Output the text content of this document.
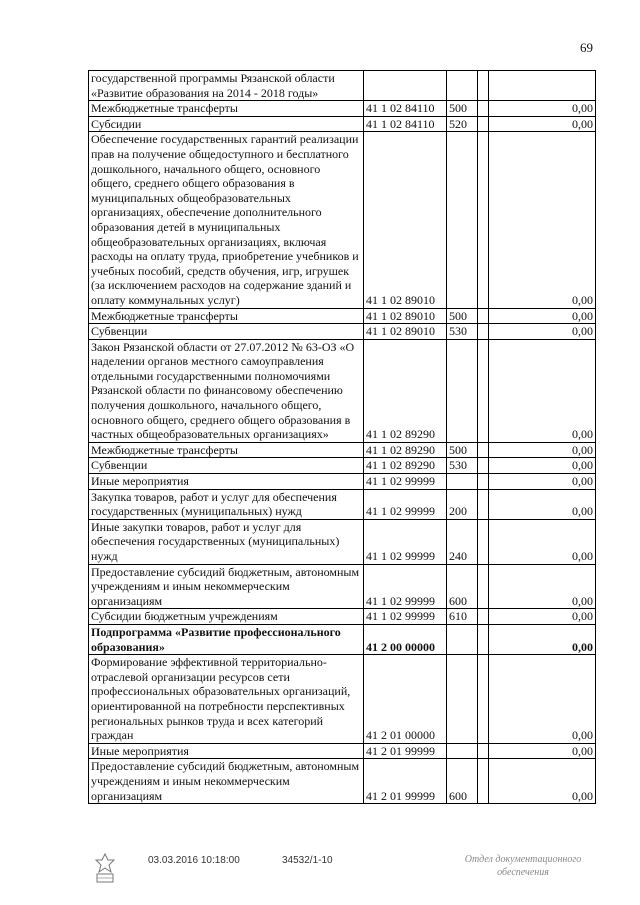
69
государственной программы Рязанской области «Развитие образования на 2014 - 2018 годы»				
Межбюджетные трансферты	41 1 02 84110	500		0,00
Субсидии	41 1 02 84110	520		0,00
Обеспечение государственных гарантий реализации прав на получение общедоступного и бесплатного дошкольного, начального общего, основного общего, среднего общего образования в муниципальных общеобразовательных организациях, обеспечение дополнительного образования детей в муниципальных общеобразовательных организациях, включая расходы на оплату труда, приобретение учебников и учебных пособий, средств обучения, игр, игрушек (за исключением расходов на содержание зданий и оплату коммунальных услуг)	41 1 02 89010			0,00
Межбюджетные трансферты	41 1 02 89010	500		0,00
Субвенции	41 1 02 89010	530		0,00
Закон Рязанской области от 27.07.2012 № 63-ОЗ «О наделении органов местного самоуправления отдельными государственными полномочиями Рязанской области по финансовому обеспечению получения дошкольного, начального общего, основного общего, среднего общего образования в частных общеобразовательных организациях»	41 1 02 89290			0,00
Межбюджетные трансферты	41 1 02 89290	500		0,00
Субвенции	41 1 02 89290	530		0,00
Иные мероприятия	41 1 02 99999			0,00
Закупка товаров, работ и услуг для обеспечения государственных (муниципальных) нужд	41 1 02 99999	200		0,00
Иные закупки товаров, работ и услуг для обеспечения государственных (муниципальных) нужд	41 1 02 99999	240		0,00
Предоставление субсидий бюджетным, автономным учреждениям и иным некоммерческим организациям	41 1 02 99999	600		0,00
Субсидии бюджетным учреждениям	41 1 02 99999	610		0,00
Подпрограмма «Развитие профессионального образования»	41 2 00 00000			0,00
Формирование эффективной территориально-отраслевой организации ресурсов сети профессиональных образовательных организаций, ориентированной на потребности перспективных региональных рынков труда и всех категорий граждан	41 2 01 00000			0,00
Иные мероприятия	41 2 01 99999			0,00
Предоставление субсидий бюджетным, автономным учреждениям и иным некоммерческим организациям	41 2 01 99999	600		0,00
03.03.2016 10:18:00	34532/1-10	Отдел документационного
обеспечения
